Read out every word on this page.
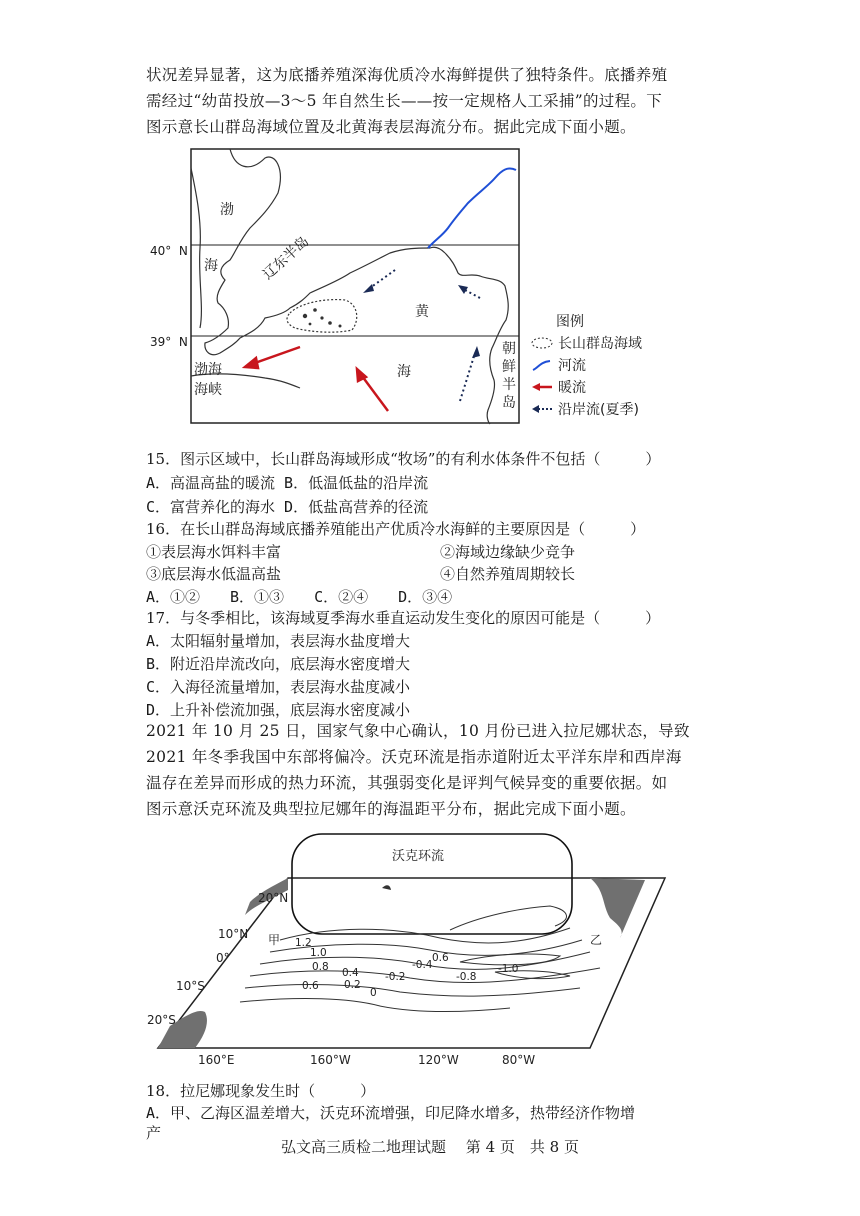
状况差异显著，这为底播养殖深海优质冷水海鲜提供了独特条件。底播养殖
需经过“幼苗投放—3～5 年自然生长——按一定规格人工采捕”的过程。下
图示意长山群岛海域位置及北黄海表层海流分布。据此完成下面小题。
渤
海	辽东半岛
黄
海
渤海
海峡
朝
鲜
半
岛
40° N
39° N
图例
长山群岛海域
河流
暖流
沿岸流(夏季)
15．图示区域中，长山群岛海域形成“牧场”的有利水体条件不包括（　　　）
A．高温高盐的暖流 B．低温低盐的沿岸流
C．富营养化的海水 D．低盐高营养的径流
16．在长山群岛海域底播养殖能出产优质冷水海鲜的主要原因是（　　　）
①表层海水饵料丰富	②海域边缘缺少竞争
③底层海水低温高盐	④自然养殖周期较长
A．①②　　B．①③　　C．②④　　D．③④
17．与冬季相比，该海域夏季海水垂直运动发生变化的原因可能是（　　　）
A．太阳辐射量增加，表层海水盐度增大
B．附近沿岸流改向，底层海水密度增大
C．入海径流量增加，表层海水盐度减小
D．上升补偿流加强，底层海水密度减小
2021 年 10 月 25 日，国家气象中心确认，10 月份已进入拉尼娜状态，导致
2021 年冬季我国中东部将偏冷。沃克环流是指赤道附近太平洋东岸和西岸海
温存在差异而形成的热力环流，其强弱变化是评判气候异变的重要依据。如
图示意沃克环流及典型拉尼娜年的海温距平分布，据此完成下面小题。
1.2
1.0
0.8
0.6
0.4
0.2
0
-0.2
-0.4
0.6
-0.8
-1.0
沃克环流
20°N
10°N
0°
10°S
20°S
160°E	160°W	120°W	80°W
甲	乙
18．拉尼娜现象发生时（　　　）
A．甲、乙海区温差增大，沃克环流增强，印尼降水增多，热带经济作物增
产
弘文高三质检二地理试题　 第 4 页　共 8 页
